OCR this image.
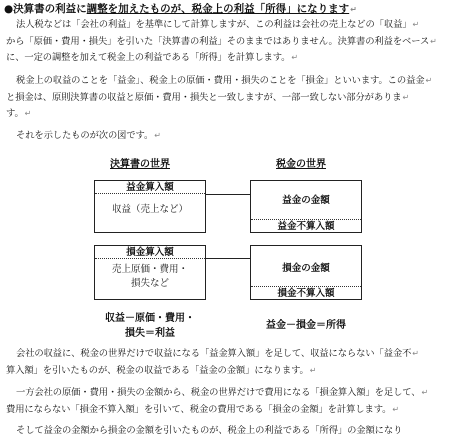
●決算書の利益に調整を加えたものが、税金上の利益「所得」になります↵
法人税などは「会社の利益」を基準にして計算しますが、この利益は会社の売上などの「収益」↵
から「原価・費用・損失」を引いた「決算書の利益」そのままではありません。決算書の利益をベース↵
に、一定の調整を加えて税金上の利益である「所得」を計算します。↵
税金上の収益のことを「益金」、税金上の原価・費用・損失のことを「損金」といいます。この益金↵
と損金は、原則決算書の収益と原価・費用・損失と一致しますが、一部一致しない部分がありま↵
す。↵
それを示したものが次の図です。↵
決算書の世界	税金の世界
益金算入額
収益（売上など）
益金の金額
益金不算入額
損金算入額
売上原価・費用・
損失など
損金の金額
損金不算入額
収益－原価・費用・
損失＝利益
益金－損金＝所得
会社の収益に、税金の世界だけで収益になる「益金算入額」を足して、収益にならない「益金不↵
算入額」を引いたものが、税金の収益である「益金の金額」になります。↵
一方会社の原価・費用・損失の金額から、税金の世界だけで費用になる「損金算入額」を足して、↵
費用にならない「損金不算入額」を引いて、税金の費用である「損金の金額」を計算します。↵
そして益金の金額から損金の金額を引いたものが、税金上の利益である「所得」の金額になり
